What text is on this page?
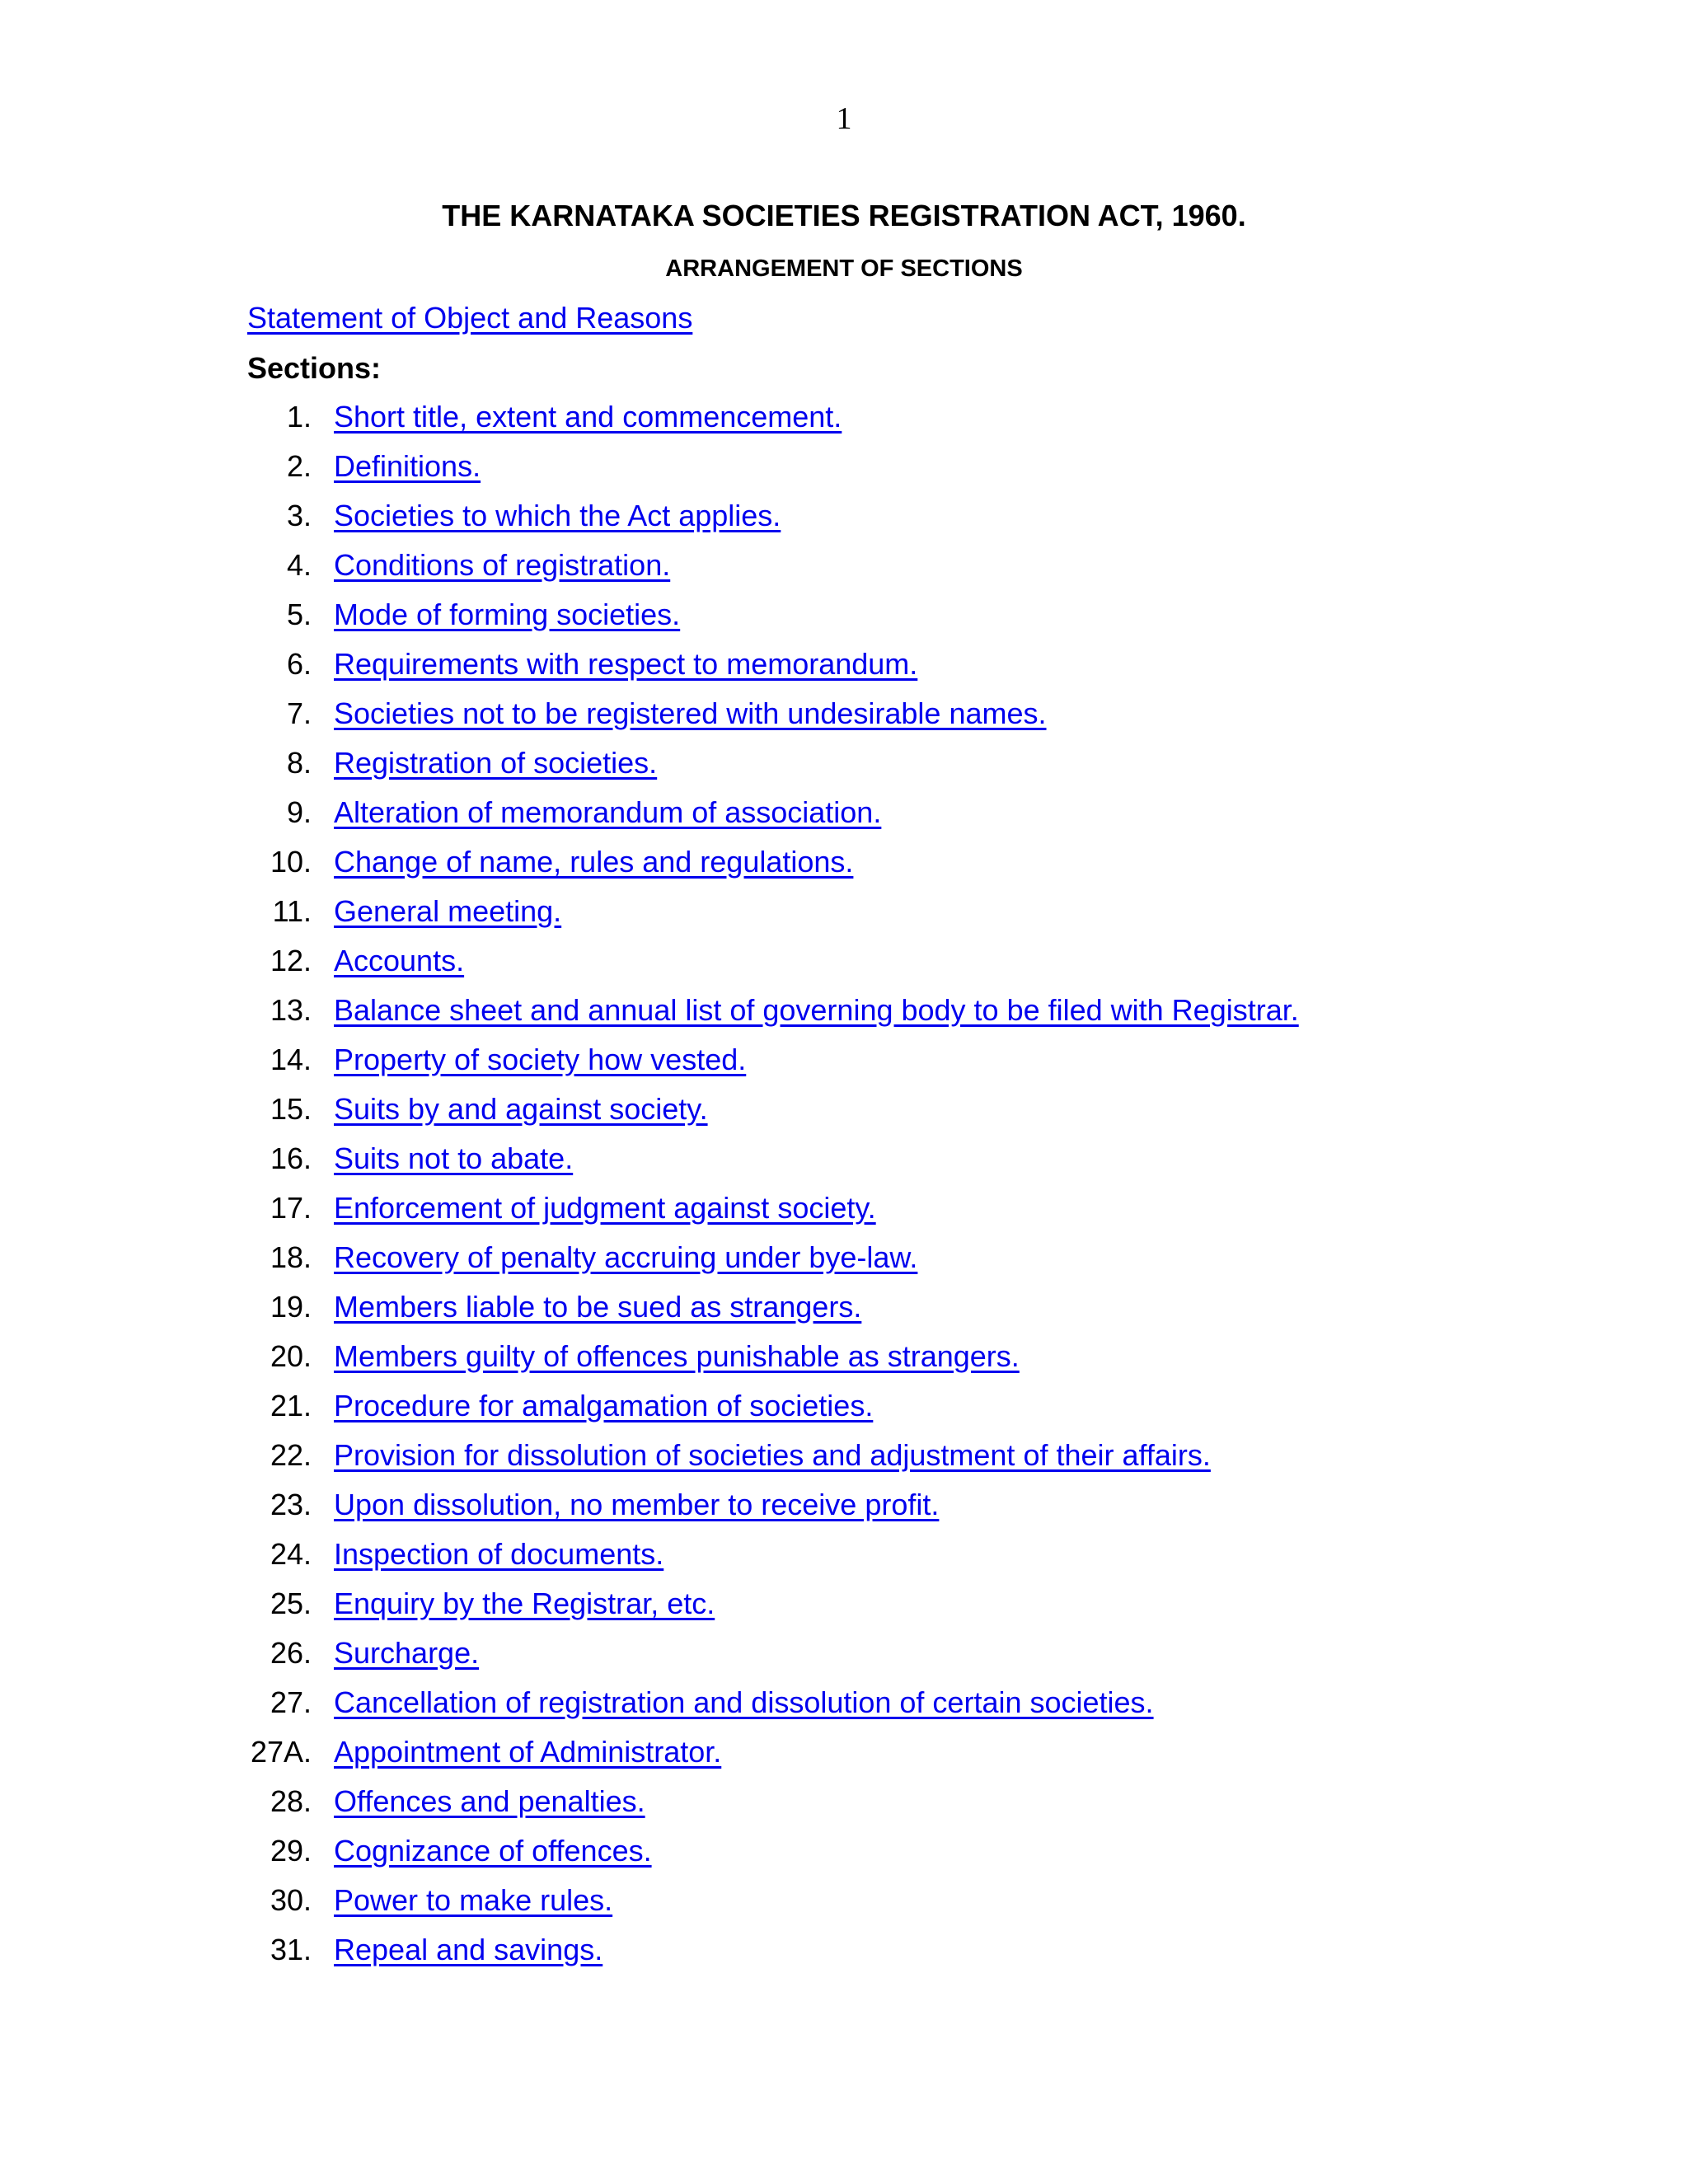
1
THE KARNATAKA SOCIETIES REGISTRATION ACT, 1960.
ARRANGEMENT OF SECTIONS
Statement of Object and Reasons
Sections:
1. Short title, extent and commencement.
2. Definitions.
3. Societies to which the Act applies.
4. Conditions of registration.
5. Mode of forming societies.
6. Requirements with respect to memorandum.
7. Societies not to be registered with undesirable names.
8. Registration of societies.
9. Alteration of memorandum of association.
10. Change of name, rules and regulations.
11. General meeting.
12. Accounts.
13. Balance sheet and annual list of governing body to be filed with Registrar.
14. Property of society how vested.
15. Suits by and against society.
16. Suits not to abate.
17. Enforcement of judgment against society.
18. Recovery of penalty accruing under bye-law.
19. Members liable to be sued as strangers.
20. Members guilty of offences punishable as strangers.
21. Procedure for amalgamation of societies.
22. Provision for dissolution of societies and adjustment of their affairs.
23. Upon dissolution, no member to receive profit.
24. Inspection of documents.
25. Enquiry by the Registrar, etc.
26. Surcharge.
27. Cancellation of registration and dissolution of certain societies.
27A. Appointment of Administrator.
28. Offences and penalties.
29. Cognizance of offences.
30. Power to make rules.
31. Repeal and savings.
